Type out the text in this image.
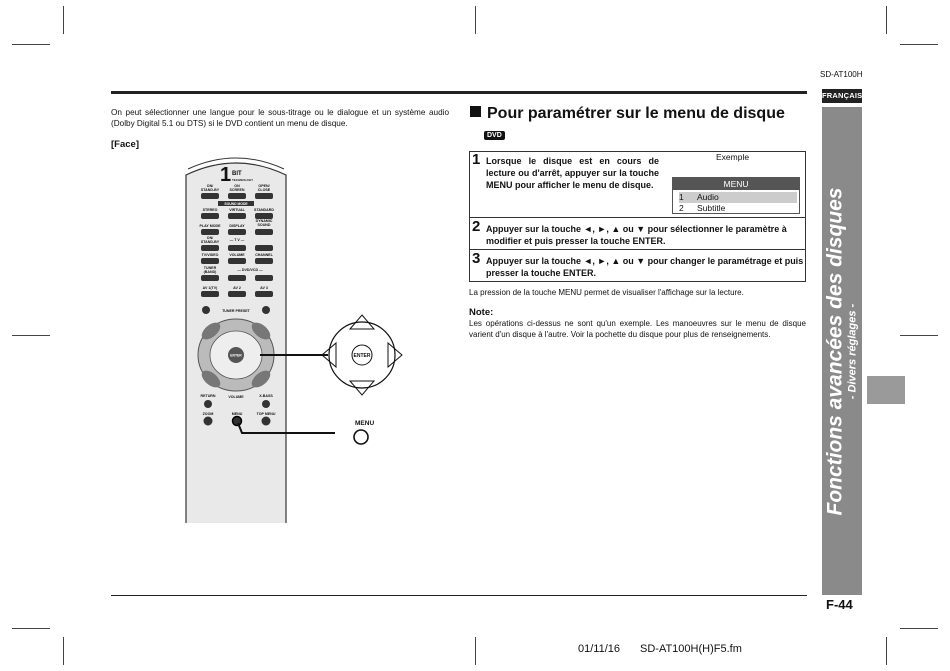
SD-AT100H
FRANÇAIS
Fonctions avancées des disques - Divers réglages -
On peut sélectionner une langue pour le sous-titrage ou le dialogue et un système audio (Dolby Digital 5.1 ou DTS) si le DVD contient un menu de disque.
[Face]
1 BIT
TECHNOLOGY
ON/
STAND-BY
ON
SCREEN
OPEN/
CLOSE
SOUND MODE
STEREO	VIRTUAL	STANDARD
PLAY MODE DISPLAY
DYNAMIC
SOUND
ON/
STAND-BY	— T V —
TV/VIDEO	VOLUME	CHANNEL
TUNER
(BAND)	— DVD/VCD —
AV 1(TV)	AV 2	AV 3
TUNER PRESET
ENTER
RETURN	VOLUME	X-BASS
ZOOM	MENU	TOP MENU
ENTER
MENU
Pour paramétrer sur le menu de disque
DVD
1 Lorsque le disque est en cours de lecture ou d'arrêt, appuyer sur la touche MENU pour afficher le menu de disque.
Exemple
MENU
1 Audio
2 Subtitle
2 Appuyer sur la touche ◄, ►, ▲ ou ▼ pour sélectionner le paramètre à modifier et puis presser la touche ENTER.
3 Appuyer sur la touche ◄, ►, ▲ ou ▼ pour changer le paramétrage et puis presser la touche ENTER.
La pression de la touche MENU permet de visualiser l'affichage sur la lecture.
Note:
Les opérations ci-dessus ne sont qu'un exemple. Les manoeuvres sur le menu de disque varient d'un disque à l'autre. Voir la pochette du disque pour plus de renseignements.
F-44
01/11/16 SD-AT100H(H)F5.fm
